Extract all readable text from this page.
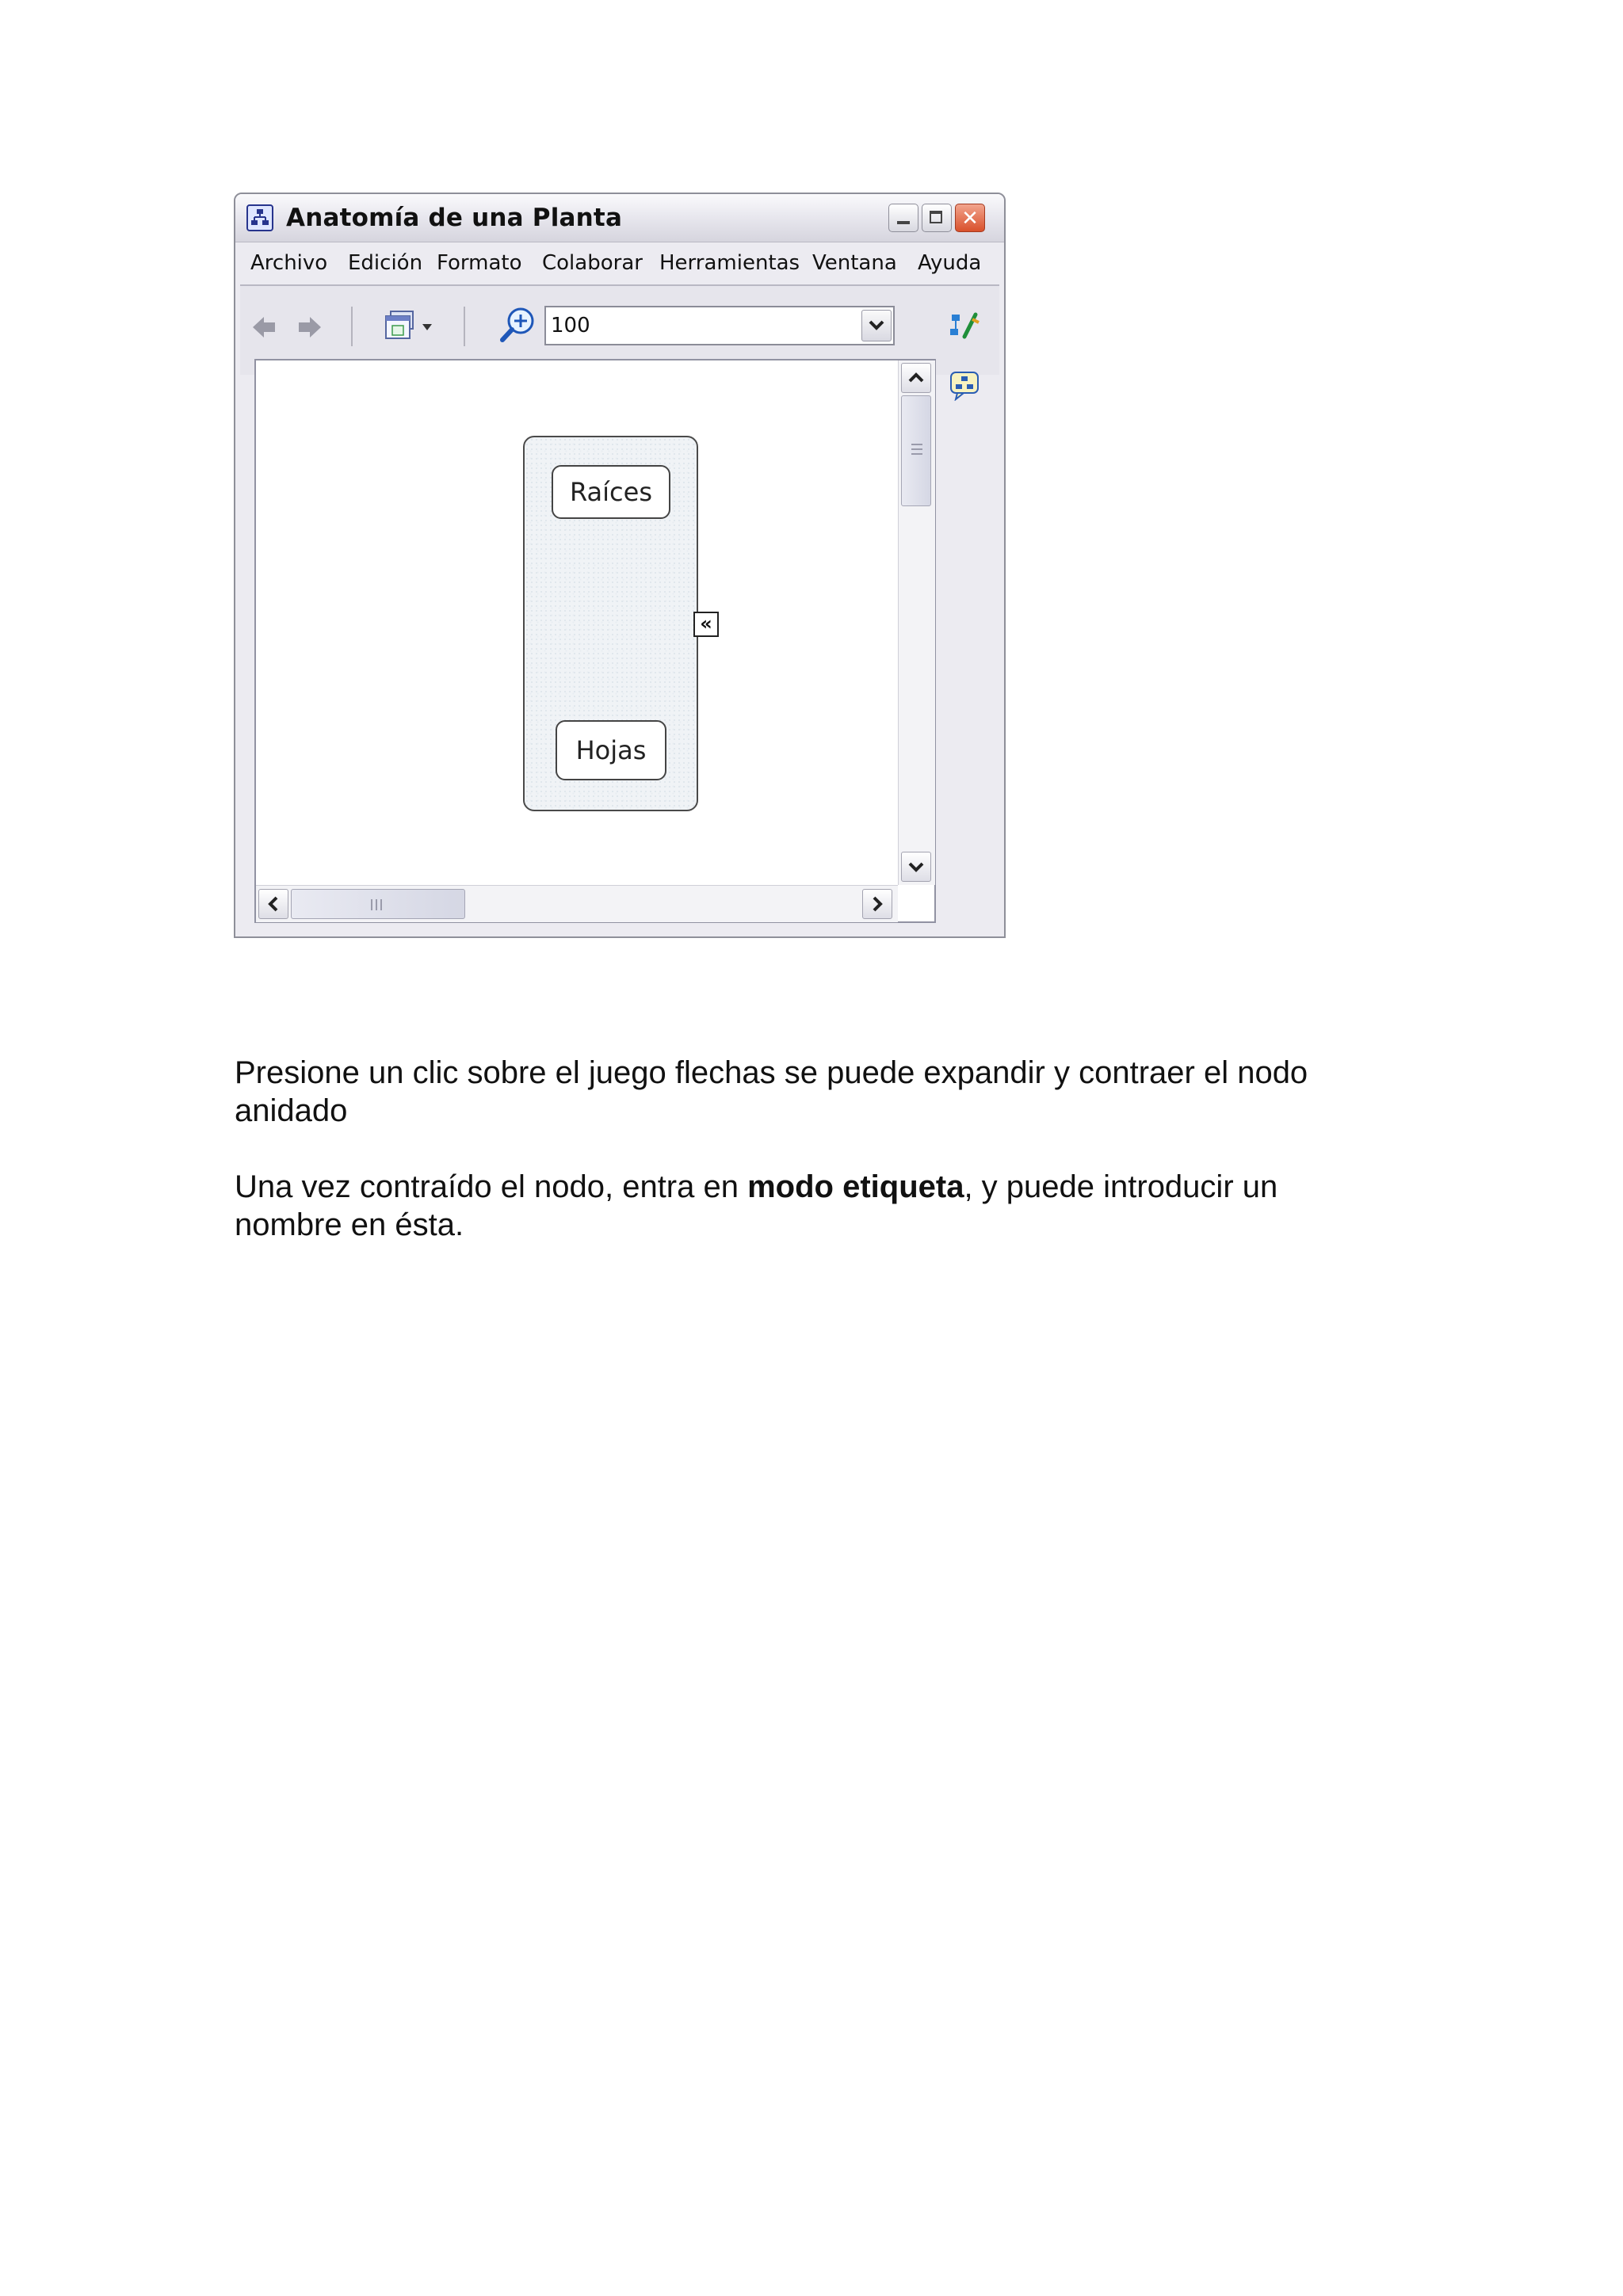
Anatomía de una Planta	✕
Archivo Edición Formato Colaborar Herramientas Ventana Ayuda
100
Raíces
Hojas
«
Presione un clic sobre el juego flechas se puede expandir y contraer el nodo
anidado
Una vez contraído el nodo, entra en modo etiqueta, y puede introducir un
nombre en ésta.
